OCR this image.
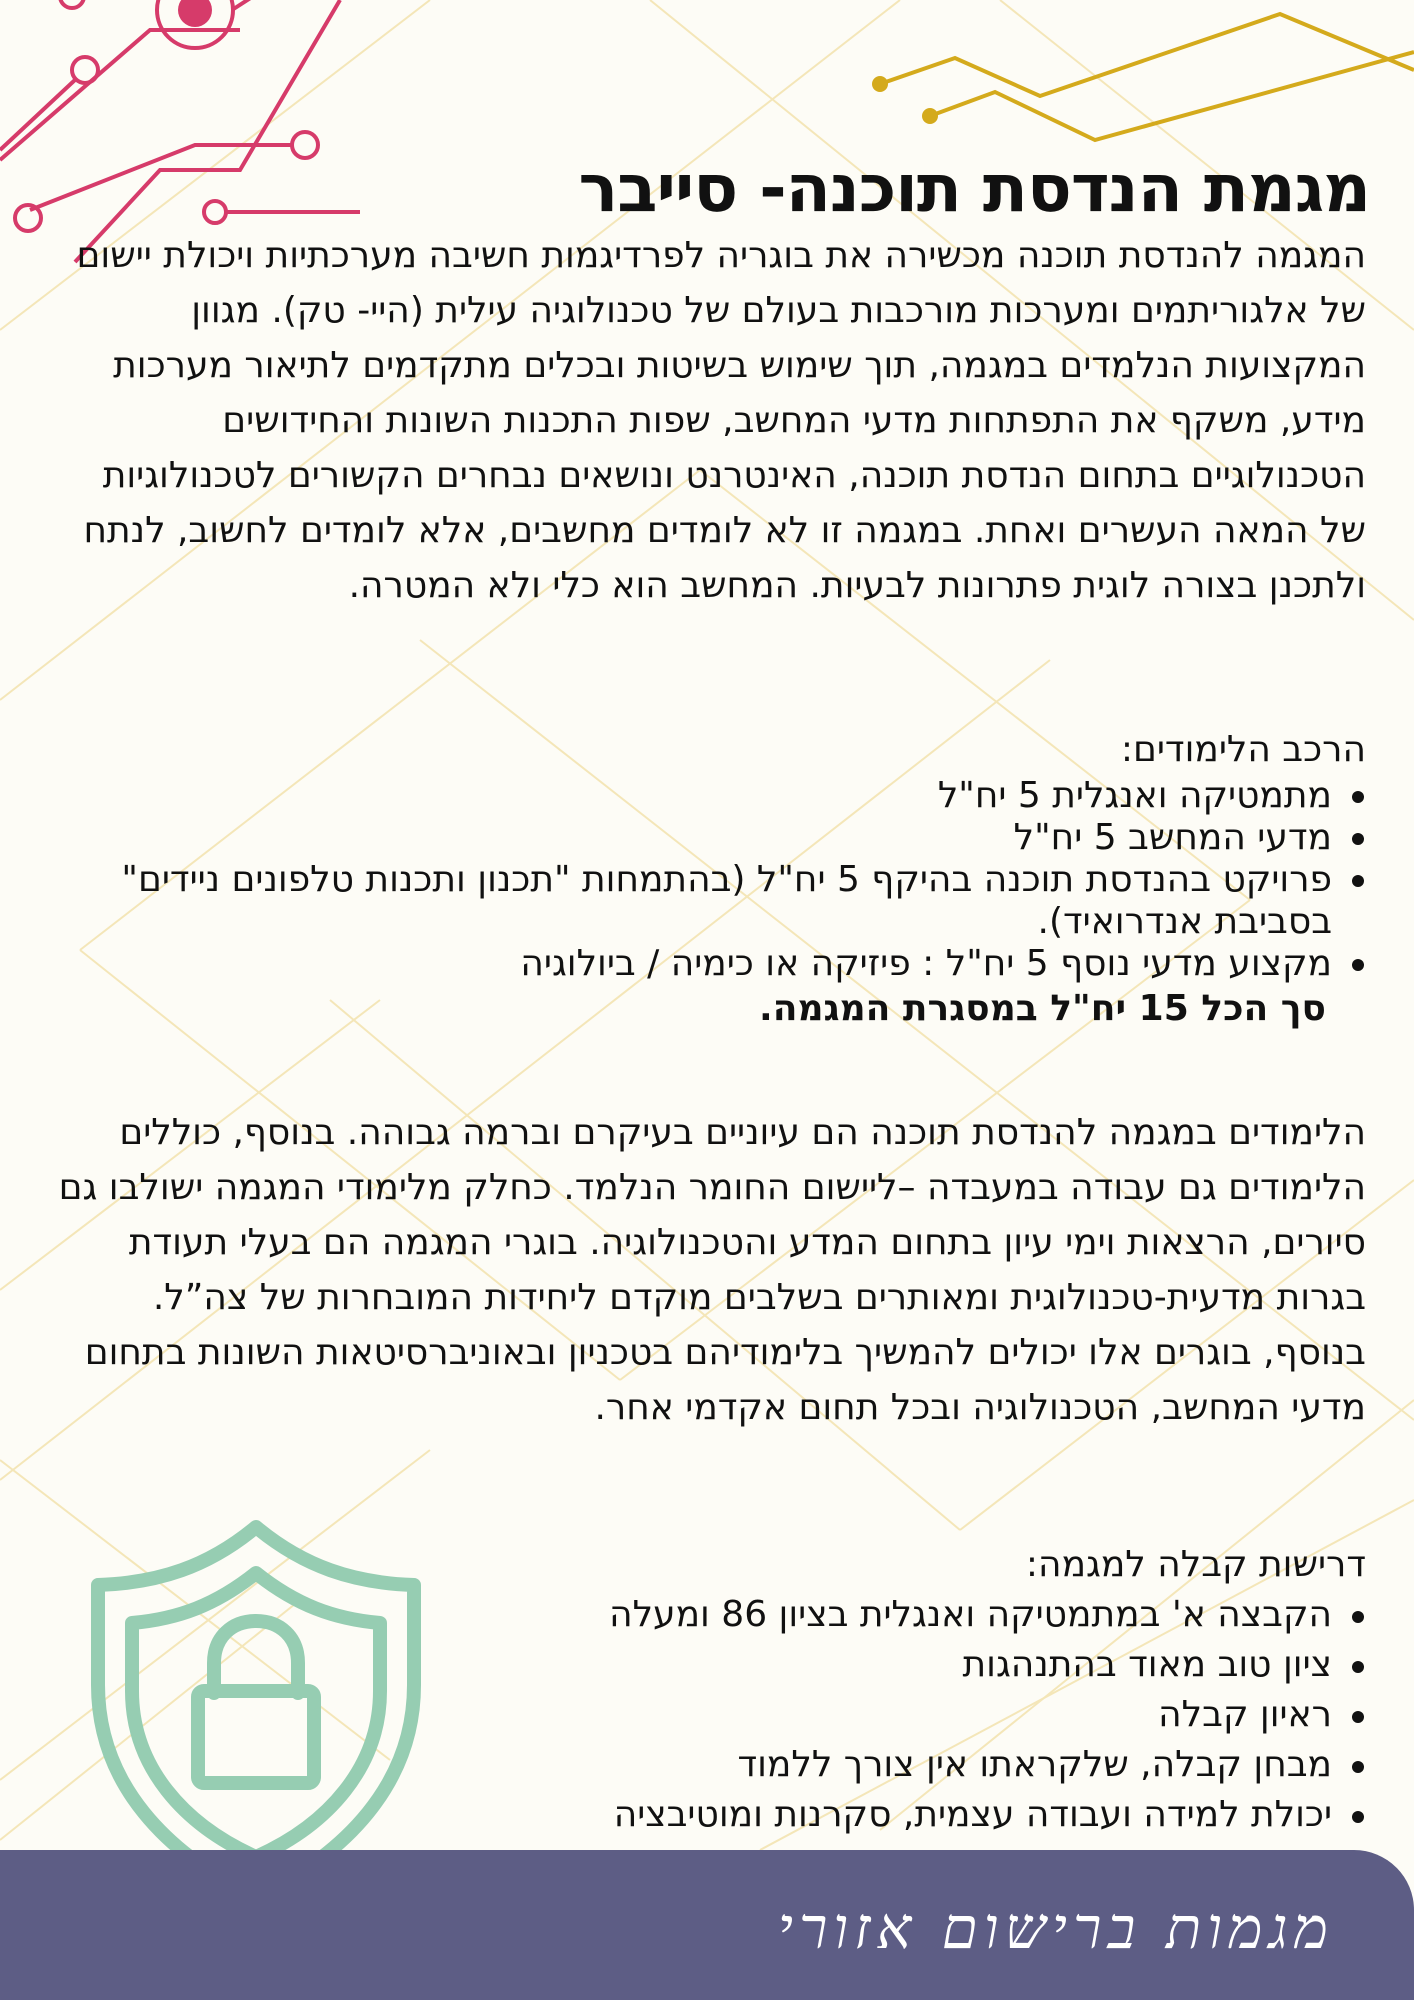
מגמת הנדסת תוכנה- סייבר

המגמה להנדסת תוכנה מכשירה את בוגריה לפרדיגמות חשיבה מערכתיות ויכולת יישום של אלגוריתמים ומערכות מורכבות בעולם של טכנולוגיה עילית (היי- טק). מגוון המקצועות הנלמדים במגמה, תוך שימוש בשיטות ובכלים מתקדמים לתיאור מערכות מידע, משקף את התפתחות מדעי המחשב, שפות התכנות השונות והחידושים הטכנולוגיים בתחום הנדסת תוכנה, האינטרנט ונושאים נבחרים הקשורים לטכנולוגיות של המאה העשרים ואחת. במגמה זו לא לומדים מחשבים, אלא לומדים לחשוב, לנתח ולתכנן בצורה לוגית פתרונות לבעיות. המחשב הוא כלי ולא המטרה.

הרכב הלימודים:

מתמטיקה ואנגלית 5 יח"ל
מדעי המחשב 5 יח"ל
פרויקט בהנדסת תוכנה בהיקף 5 יח"ל (בהתמחות "תכנון ותכנות טלפונים ניידים" בסביבת אנדרואיד).
מקצוע מדעי נוסף 5 יח"ל : פיזיקה או כימיה / ביולוגיה

סך הכל 15 יח"ל במסגרת המגמה.

הלימודים במגמה להנדסת תוכנה הם עיוניים בעיקרם וברמה גבוהה. בנוסף, כוללים הלימודים גם עבודה במעבדה –ליישום החומר הנלמד. כחלק מלימודי המגמה ישולבו גם סיורים, הרצאות וימי עיון בתחום המדע והטכנולוגיה. בוגרי המגמה הם בעלי תעודת בגרות מדעית-טכנולוגית ומאותרים בשלבים מוקדם ליחידות המובחרות של צה”ל. בנוסף, בוגרים אלו יכולים להמשיך בלימודיהם בטכניון ובאוניברסיטאות השונות בתחום מדעי המחשב, הטכנולוגיה ובכל תחום אקדמי אחר.

דרישות קבלה למגמה:

הקבצה א' במתמטיקה ואנגלית בציון 86 ומעלה
ציון טוב מאוד בהתנהגות
ראיון קבלה
מבחן קבלה, שלקראתו אין צורך ללמוד
יכולת למידה ועבודה עצמית, סקרנות ומוטיבציה
מגמות ברישום אזורי
